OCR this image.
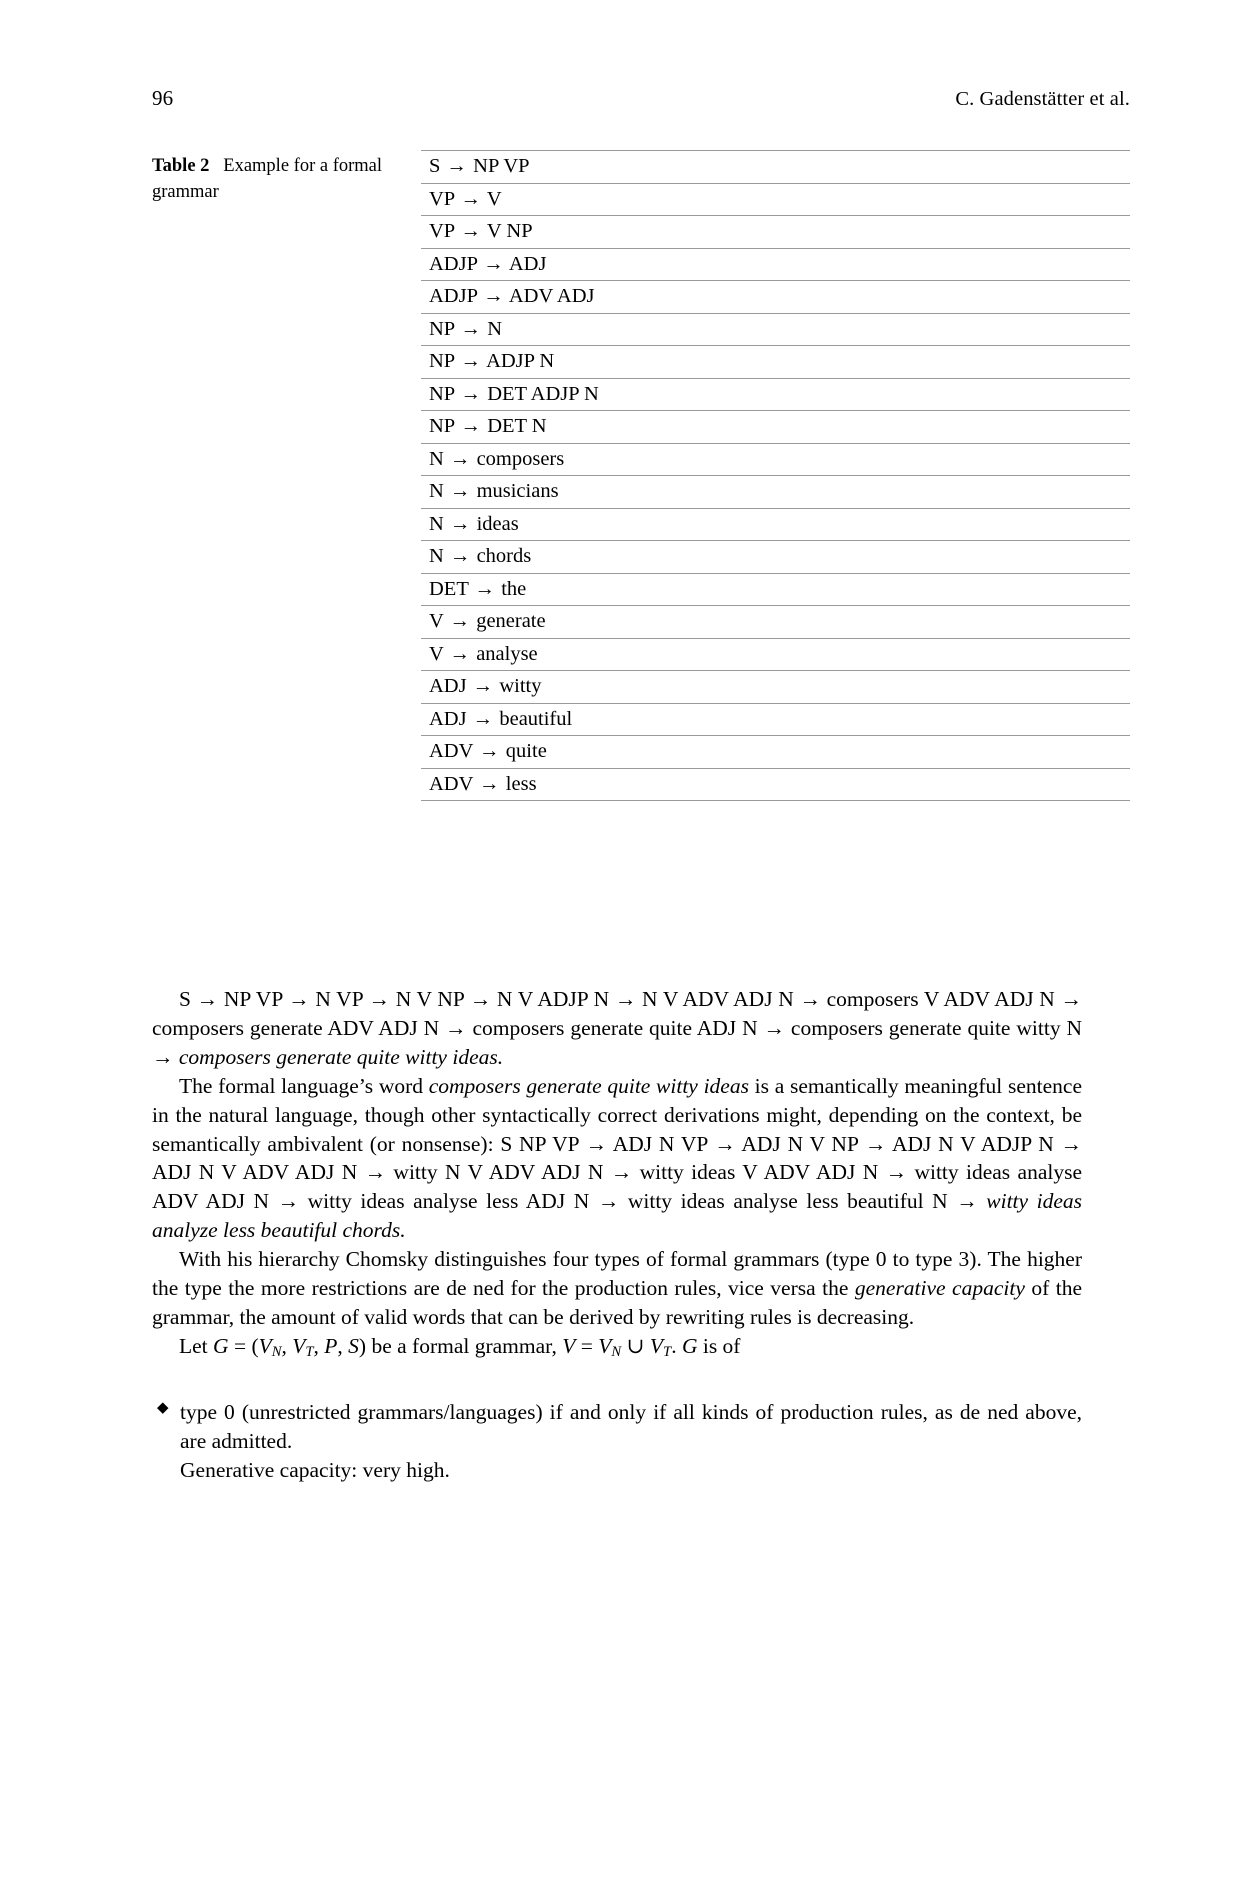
96	C. Gadenstätter et al.
Table 2 Example for a formal grammar
S → NP VP
VP → V
VP → V NP
ADJP → ADJ
ADJP → ADV ADJ
NP → N
NP → ADJP N
NP → DET ADJP N
NP → DET N
N → composers
N → musicians
N → ideas
N → chords
DET → the
V → generate
V → analyse
ADJ → witty
ADJ → beautiful
ADV → quite
ADV → less

S → NP VP → N VP → N V NP → N V ADJP N → N V ADV ADJ N → composers V ADV ADJ N → composers generate ADV ADJ N → composers generate quite ADJ N → composers generate quite witty N → composers generate quite witty ideas.

The formal language’s word composers generate quite witty ideas is a semantically meaningful sentence in the natural language, though other syntactically correct derivations might, depending on the context, be semantically ambivalent (or nonsense): S NP VP → ADJ N VP → ADJ N V NP → ADJ N V ADJP N → ADJ N V ADV ADJ N → witty N V ADV ADJ N → witty ideas V ADV ADJ N → witty ideas analyse ADV ADJ N → witty ideas analyse less ADJ N → witty ideas analyse less beautiful N → witty ideas analyze less beautiful chords.

With his hierarchy Chomsky distinguishes four types of formal grammars (type 0 to type 3). The higher the type the more restrictions are de ned for the production rules, vice versa the generative capacity of the grammar, the amount of valid words that can be derived by rewriting rules is decreasing.

Let $G = (V_N$, $V_T$, P, S) be a formal grammar, $V = V_N$ ∪ $V_T$. G is of

◆ type 0 (unrestricted grammars/languages) if and only if all kinds of production rules, as de ned above, are admitted.
Generative capacity: very high.
